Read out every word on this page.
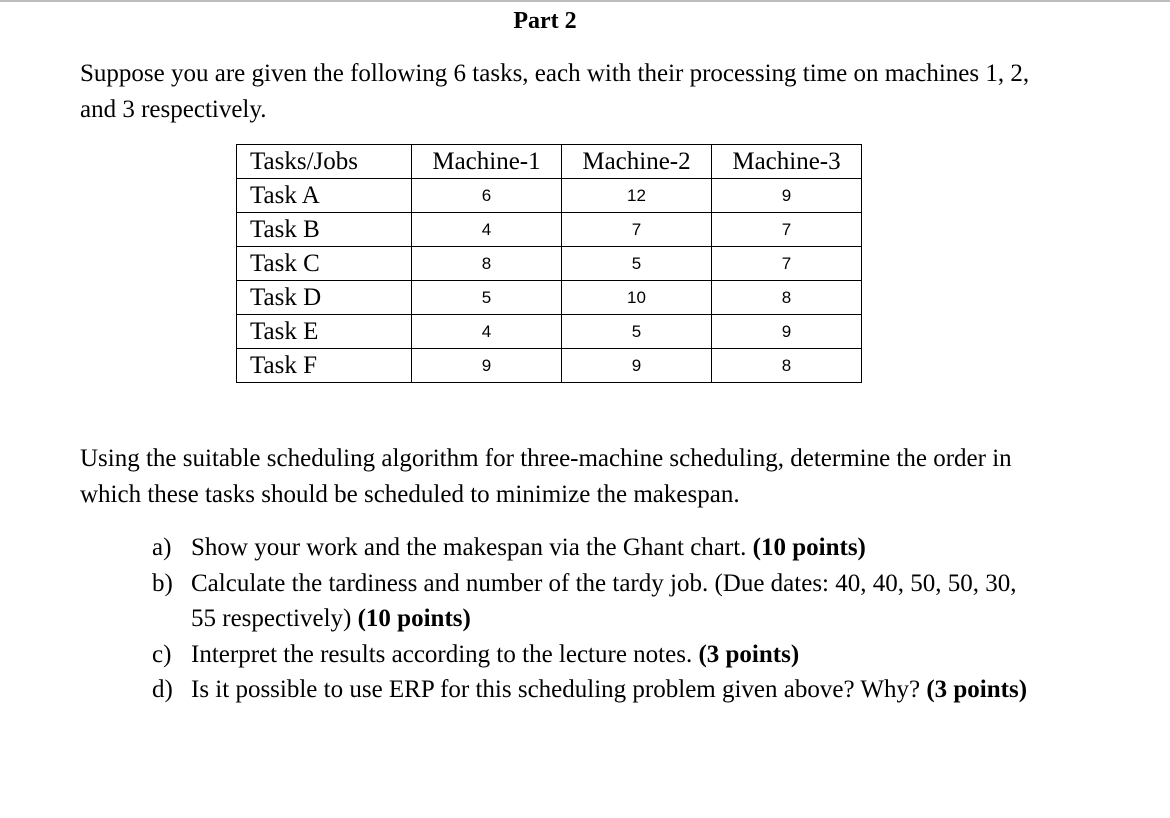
Part 2
Suppose you are given the following 6 tasks, each with their processing time on machines 1, 2, and 3 respectively.
Tasks/Jobs	Machine-1	Machine-2	Machine-3
Task A	6	12	9
Task B	4	7	7
Task C	8	5	7
Task D	5	10	8
Task E	4	5	9
Task F	9	9	8
Using the suitable scheduling algorithm for three-machine scheduling, determine the order in which these tasks should be scheduled to minimize the makespan.
a) Show your work and the makespan via the Ghant chart. (10 points)
b) Calculate the tardiness and number of the tardy job. (Due dates: 40, 40, 50, 50, 30, 55 respectively) (10 points)
c) Interpret the results according to the lecture notes. (3 points)
d) Is it possible to use ERP for this scheduling problem given above? Why? (3 points)
